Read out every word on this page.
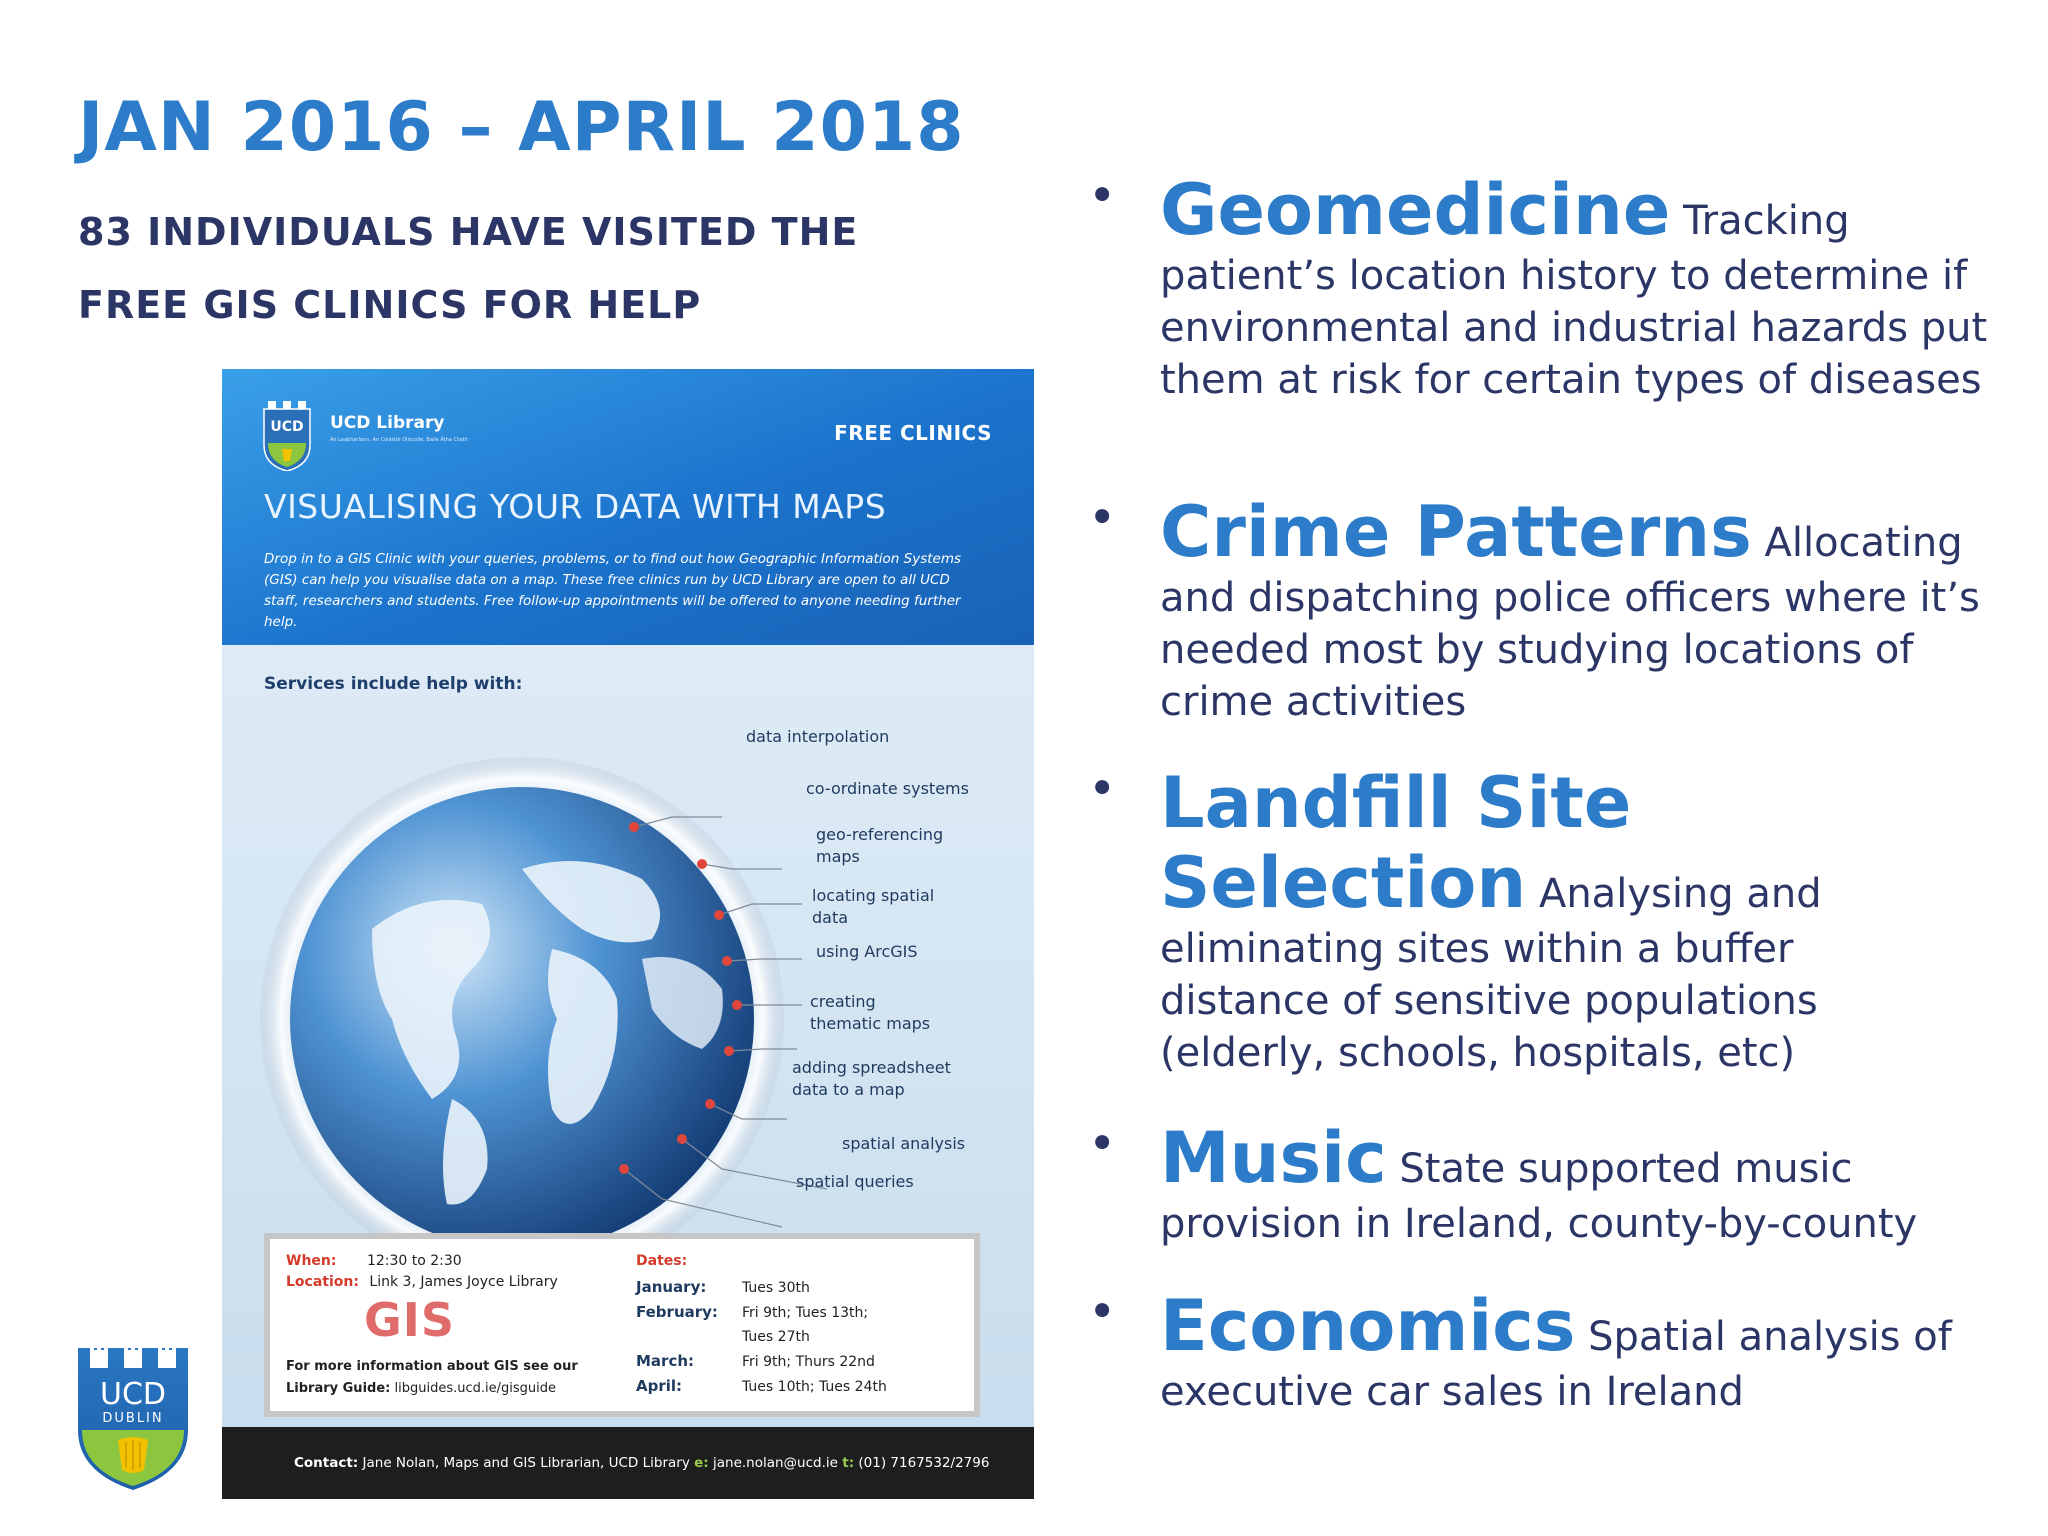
JAN 2016 – APRIL 2018
83 INDIVIDUALS HAVE VISITED THE FREE GIS CLINICS FOR HELP
UCD UCD Library
An Leabharlann, An Coláiste Ollscoile, Baile Átha Cliath	FREE CLINICS
VISUALISING YOUR DATA WITH MAPS
Drop in to a GIS Clinic with your queries, problems, or to find out how Geographic Information Systems (GIS) can help you visualise data on a map. These free clinics run by UCD Library are open to all UCD staff, researchers and students. Free follow-up appointments will be offered to anyone needing further help.
Services include help with:
data interpolation
co-ordinate systems
geo-referencing maps
locating spatial data
using ArcGIS
creating thematic maps
adding spreadsheet data to a map
spatial analysis
spatial queries
When: 12:30 to 2:30
Location: Link 3, James Joyce Library
GIS
For more information about GIS see our
Library Guide: libguides.ucd.ie/gisguide
Dates:
January:	Tues 30th
February: Fri 9th; Tues 13th;
Tues 27th
March:	Fri 9th; Thurs 22nd
April:	Tues 10th; Tues 24th
Contact: Jane Nolan, Maps and GIS Librarian, UCD Library e: jane.nolan@ucd.ie t: (01) 7167532/2796
UCD
DUBLIN
• Geomedicine Tracking patient’s location history to determine if environmental and industrial hazards put them at risk for certain types of diseases
• Crime Patterns Allocating and dispatching police officers where it’s needed most by studying locations of crime activities
• Landfill Site Selection Analysing and eliminating sites within a buffer distance of sensitive populations (elderly, schools, hospitals, etc)
• Music State supported music provision in Ireland, county-by-county
• Economics Spatial analysis of executive car sales in Ireland
